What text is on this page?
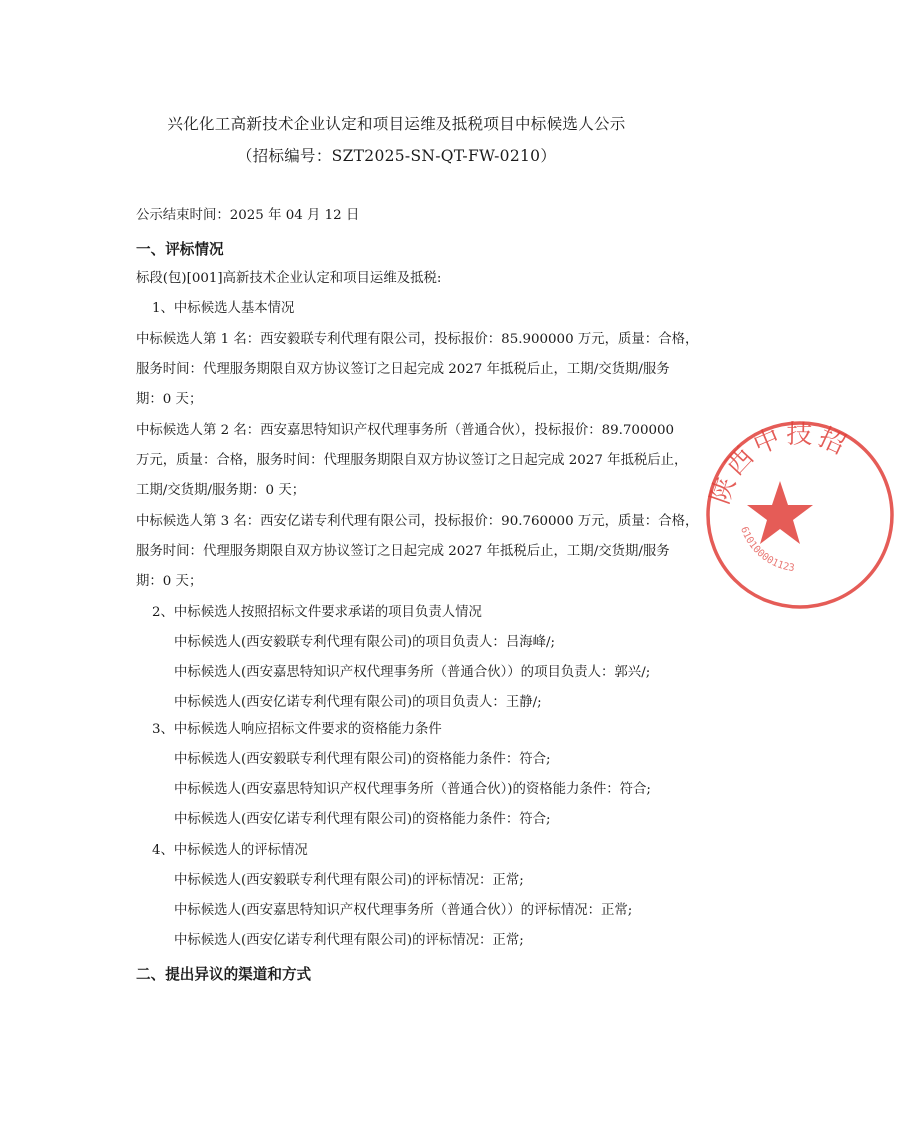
兴化化工高新技术企业认定和项目运维及抵税项目中标候选人公示
（招标编号：SZT2025-SN-QT-FW-0210）
公示结束时间：2025 年 04 月 12 日
一、评标情况
标段(包)[001]高新技术企业认定和项目运维及抵税:
1、中标候选人基本情况
中标候选人第 1 名：西安毅联专利代理有限公司，投标报价：85.900000 万元，质量：合格，
服务时间：代理服务期限自双方协议签订之日起完成 2027 年抵税后止，工期/交货期/服务
期：0 天；
中标候选人第 2 名：西安嘉思特知识产权代理事务所（普通合伙），投标报价：89.700000
万元，质量：合格，服务时间：代理服务期限自双方协议签订之日起完成 2027 年抵税后止，
工期/交货期/服务期：0 天；
中标候选人第 3 名：西安亿诺专利代理有限公司，投标报价：90.760000 万元，质量：合格，
服务时间：代理服务期限自双方协议签订之日起完成 2027 年抵税后止，工期/交货期/服务
期：0 天；
2、中标候选人按照招标文件要求承诺的项目负责人情况
中标候选人(西安毅联专利代理有限公司)的项目负责人：吕海峰/;
中标候选人(西安嘉思特知识产权代理事务所（普通合伙））的项目负责人：郭兴/;
中标候选人(西安亿诺专利代理有限公司)的项目负责人：王静/;
3、中标候选人响应招标文件要求的资格能力条件
中标候选人(西安毅联专利代理有限公司)的资格能力条件：符合;
中标候选人(西安嘉思特知识产权代理事务所（普通合伙）)的资格能力条件：符合;
中标候选人(西安亿诺专利代理有限公司)的资格能力条件：符合;
4、中标候选人的评标情况
中标候选人(西安毅联专利代理有限公司)的评标情况：正常;
中标候选人(西安嘉思特知识产权代理事务所（普通合伙））的评标情况：正常;
中标候选人(西安亿诺专利代理有限公司)的评标情况：正常;
二、提出异议的渠道和方式
陕西中技招
610100001123
